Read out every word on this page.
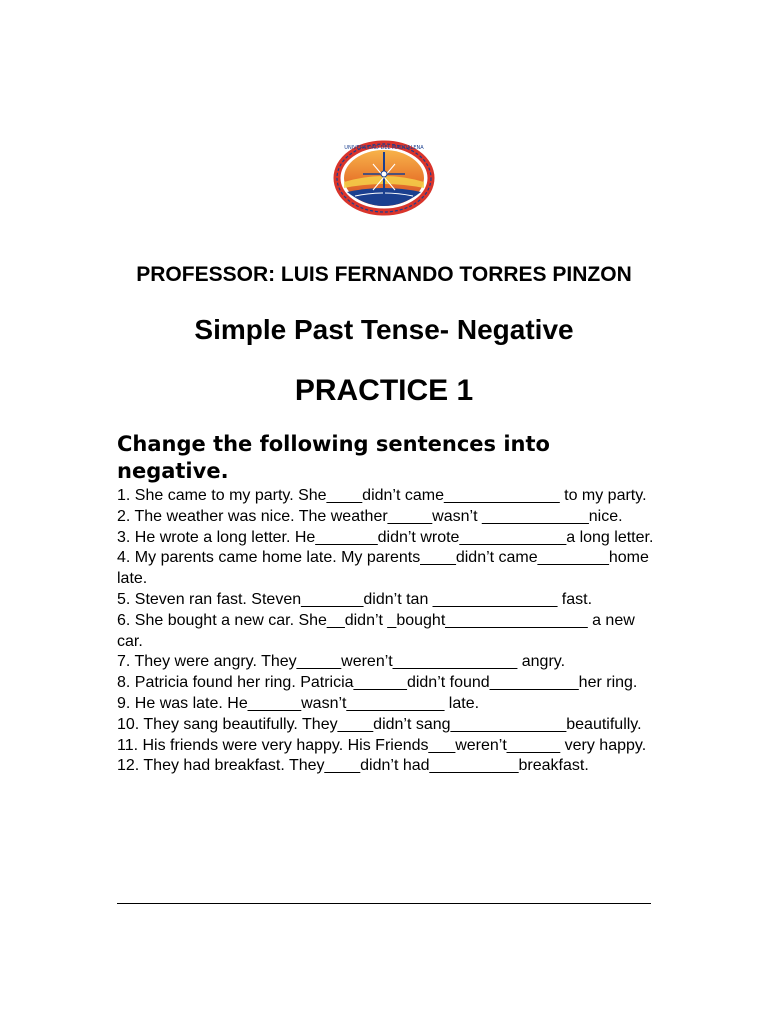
UNIVERSIDAD DEL MAGDALENA
PROFESSOR: LUIS FERNANDO TORRES PINZON
Simple Past Tense- Negative
PRACTICE 1
Change the following sentences into negative.
1. She came to my party. She____didn’t came_____________ to my party.
2. The weather was nice. The weather_____wasn’t ____________nice.
3. He wrote a long letter. He_______didn’t wrote____________a long letter.
4. My parents came home late. My parents____didn’t came________home late.
5. Steven ran fast. Steven_______didn’t tan ______________ fast.
6. She bought a new car. She__didn’t _bought________________ a new car.
7. They were angry. They_____weren’t______________ angry.
8. Patricia found her ring. Patricia______didn’t found__________her ring.
9. He was late. He______wasn’t___________ late.
10. They sang beautifully. They____didn’t sang_____________beautifully.
11. His friends were very happy. His Friends___weren’t______ very happy.
12. They had breakfast. They____didn’t had__________breakfast.
